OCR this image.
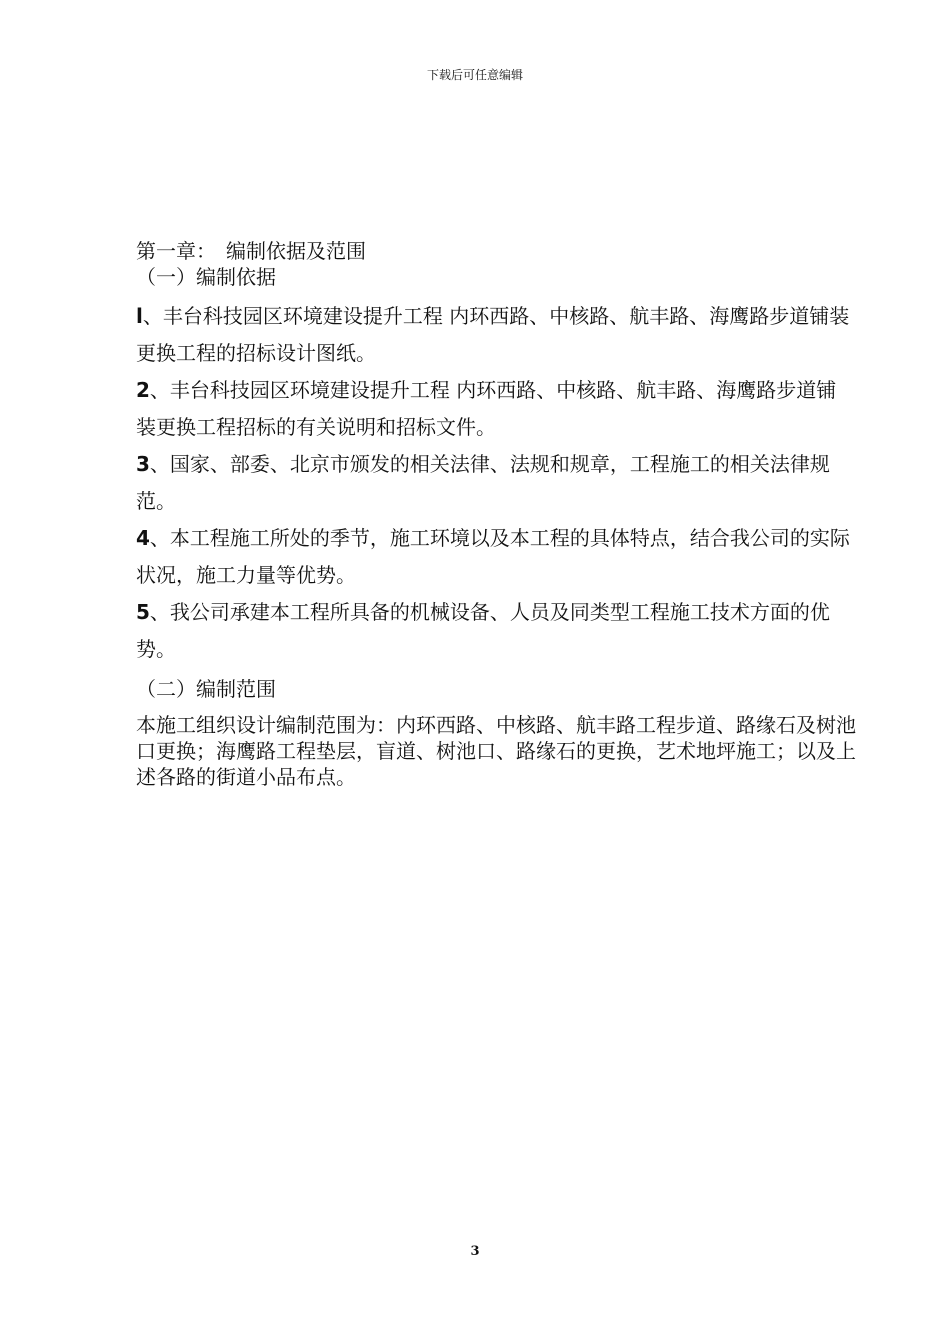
下载后可任意编辑

第一章： 编制依据及范围

（一）编制依据

l、丰台科技园区环境建设提升工程 内环西路、中核路、航丰路、海鹰路步道铺装更换工程的招标设计图纸。

2、丰台科技园区环境建设提升工程 内环西路、中核路、航丰路、海鹰路步道铺装更换工程招标的有关说明和招标文件。

3、国家、部委、北京市颁发的相关法律、法规和规章，工程施工的相关法律规范。

4、本工程施工所处的季节，施工环境以及本工程的具体特点，结合我公司的实际状况，施工力量等优势。

5、我公司承建本工程所具备的机械设备、人员及同类型工程施工技术方面的优势。

（二）编制范围

本施工组织设计编制范围为：内环西路、中核路、航丰路工程步道、路缘石及树池口更换；海鹰路工程垫层，盲道、树池口、路缘石的更换，艺术地坪施工；以及上述各路的街道小品布点。

3
